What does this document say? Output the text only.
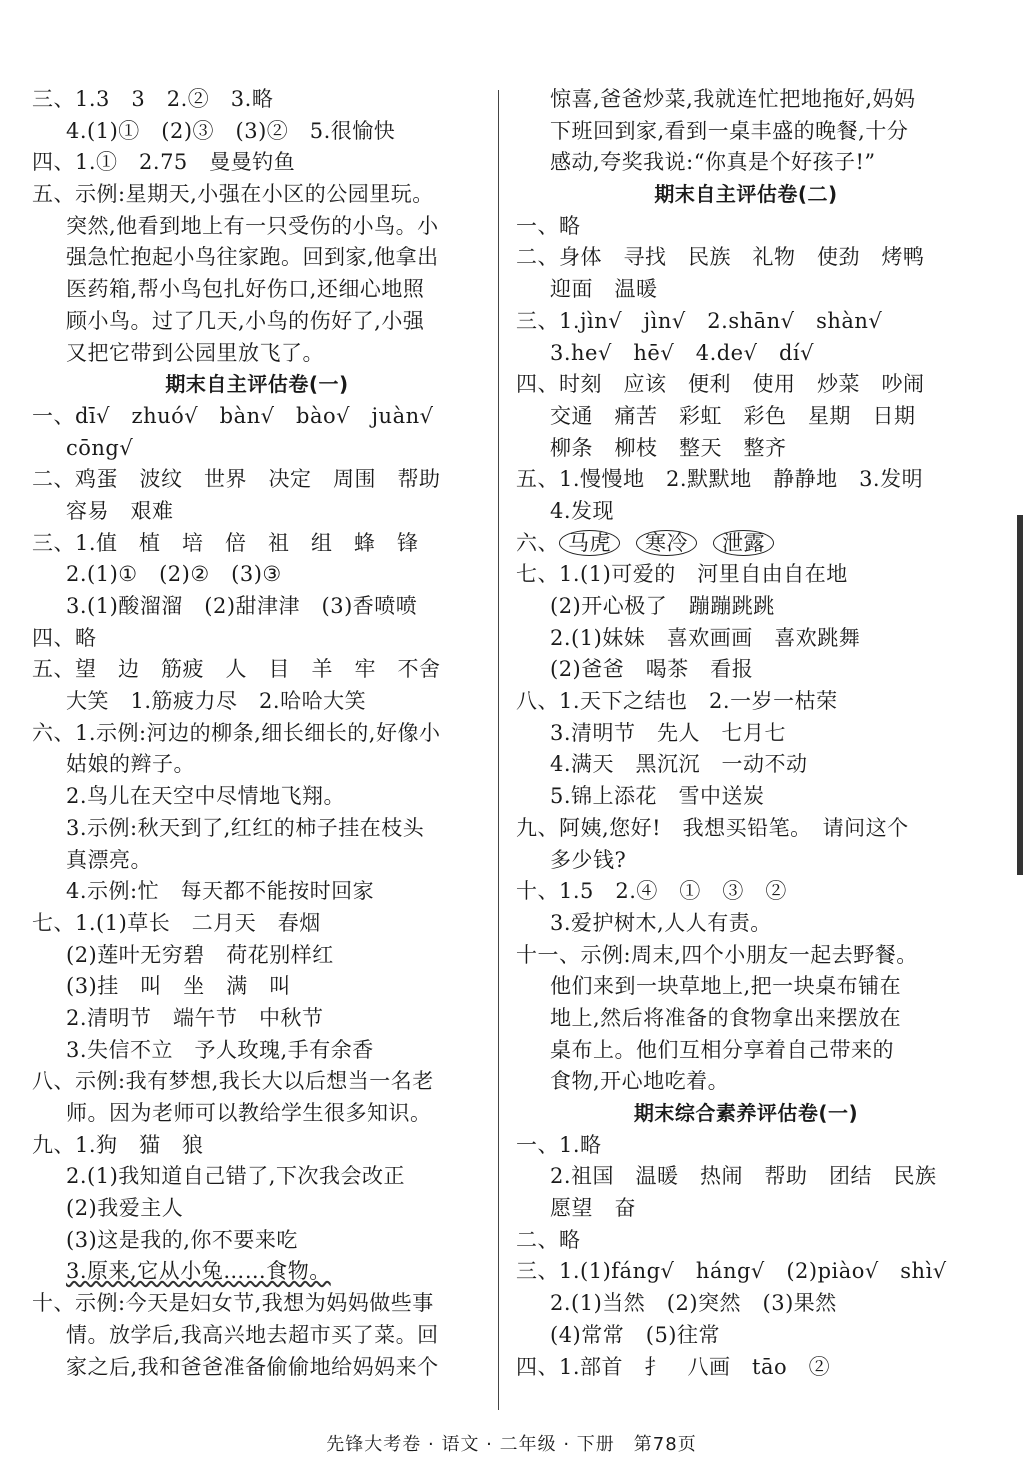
三、1.3　3　2.②　3.略
4.(1)①　(2)③　(3)②　5.很愉快
四、1.①　2.75　曼曼钓鱼
五、示例:星期天,小强在小区的公园里玩。
突然,他看到地上有一只受伤的小鸟。小
强急忙抱起小鸟往家跑。回到家,他拿出
医药箱,帮小鸟包扎好伤口,还细心地照
顾小鸟。过了几天,小鸟的伤好了,小强
又把它带到公园里放飞了。
期末自主评估卷(一)
一、dī√　zhuó√　bàn√　bào√　juàn√
cōng√
二、鸡蛋　波纹　世界　决定　周围　帮助
容易　艰难
三、1.值　植　培　倍　祖　组　蜂　锋
2.(1)①　(2)②　(3)③
3.(1)酸溜溜　(2)甜津津　(3)香喷喷
四、略
五、望　边　筋疲　人　目　羊　牢　不舍
大笑　1.筋疲力尽　2.哈哈大笑
六、1.示例:河边的柳条,细长细长的,好像小
姑娘的辫子。
2.鸟儿在天空中尽情地飞翔。
3.示例:秋天到了,红红的柿子挂在枝头
真漂亮。
4.示例:忙　每天都不能按时回家
七、1.(1)草长　二月天　春烟
(2)莲叶无穷碧　荷花别样红
(3)挂　叫　坐　满　叫
2.清明节　端午节　中秋节
3.失信不立　予人玫瑰,手有余香
八、示例:我有梦想,我长大以后想当一名老
师。因为老师可以教给学生很多知识。
九、1.狗　猫　狼
2.(1)我知道自己错了,下次我会改正
(2)我爱主人
(3)这是我的,你不要来吃
3.原来,它从小兔……食物。
十、示例:今天是妇女节,我想为妈妈做些事
情。放学后,我高兴地去超市买了菜。回
家之后,我和爸爸准备偷偷地给妈妈来个
惊喜,爸爸炒菜,我就连忙把地拖好,妈妈
下班回到家,看到一桌丰盛的晚餐,十分
感动,夸奖我说:“你真是个好孩子!”
期末自主评估卷(二)
一、略
二、身体　寻找　民族　礼物　使劲　烤鸭
迎面　温暖
三、1.jìn√　jìn√　2.shān√　shàn√
3.he√　hē√　4.de√　dí√
四、时刻　应该　便利　使用　炒菜　吵闹
交通　痛苦　彩虹　彩色　星期　日期
柳条　柳枝　整天　整齐
五、1.慢慢地　2.默默地　静静地　3.发明
4.发现
六、 马虎 寒冷 泄露
七、1.(1)可爱的　河里自由自在地
(2)开心极了　蹦蹦跳跳
2.(1)妹妹　喜欢画画　喜欢跳舞
(2)爸爸　喝茶　看报
八、1.天下之结也　2.一岁一枯荣
3.清明节　先人　七月七
4.满天　黑沉沉　一动不动
5.锦上添花　雪中送炭
九、阿姨,您好!　我想买铅笔。　请问这个
多少钱?
十、1.5　2.④　①　③　②
3.爱护树木,人人有责。
十一、示例:周末,四个小朋友一起去野餐。
他们来到一块草地上,把一块桌布铺在
地上,然后将准备的食物拿出来摆放在
桌布上。他们互相分享着自己带来的
食物,开心地吃着。
期末综合素养评估卷(一)
一、1.略
2.祖国　温暖　热闹　帮助　团结　民族
愿望　奋
二、略
三、1.(1)fáng√　háng√　(2)piào√　shì√
2.(1)当然　(2)突然　(3)果然
(4)常常　(5)往常
四、1.部首　扌　八画　tāo　②
先锋大考卷 · 语文 · 二年级 · 下册　第78页
